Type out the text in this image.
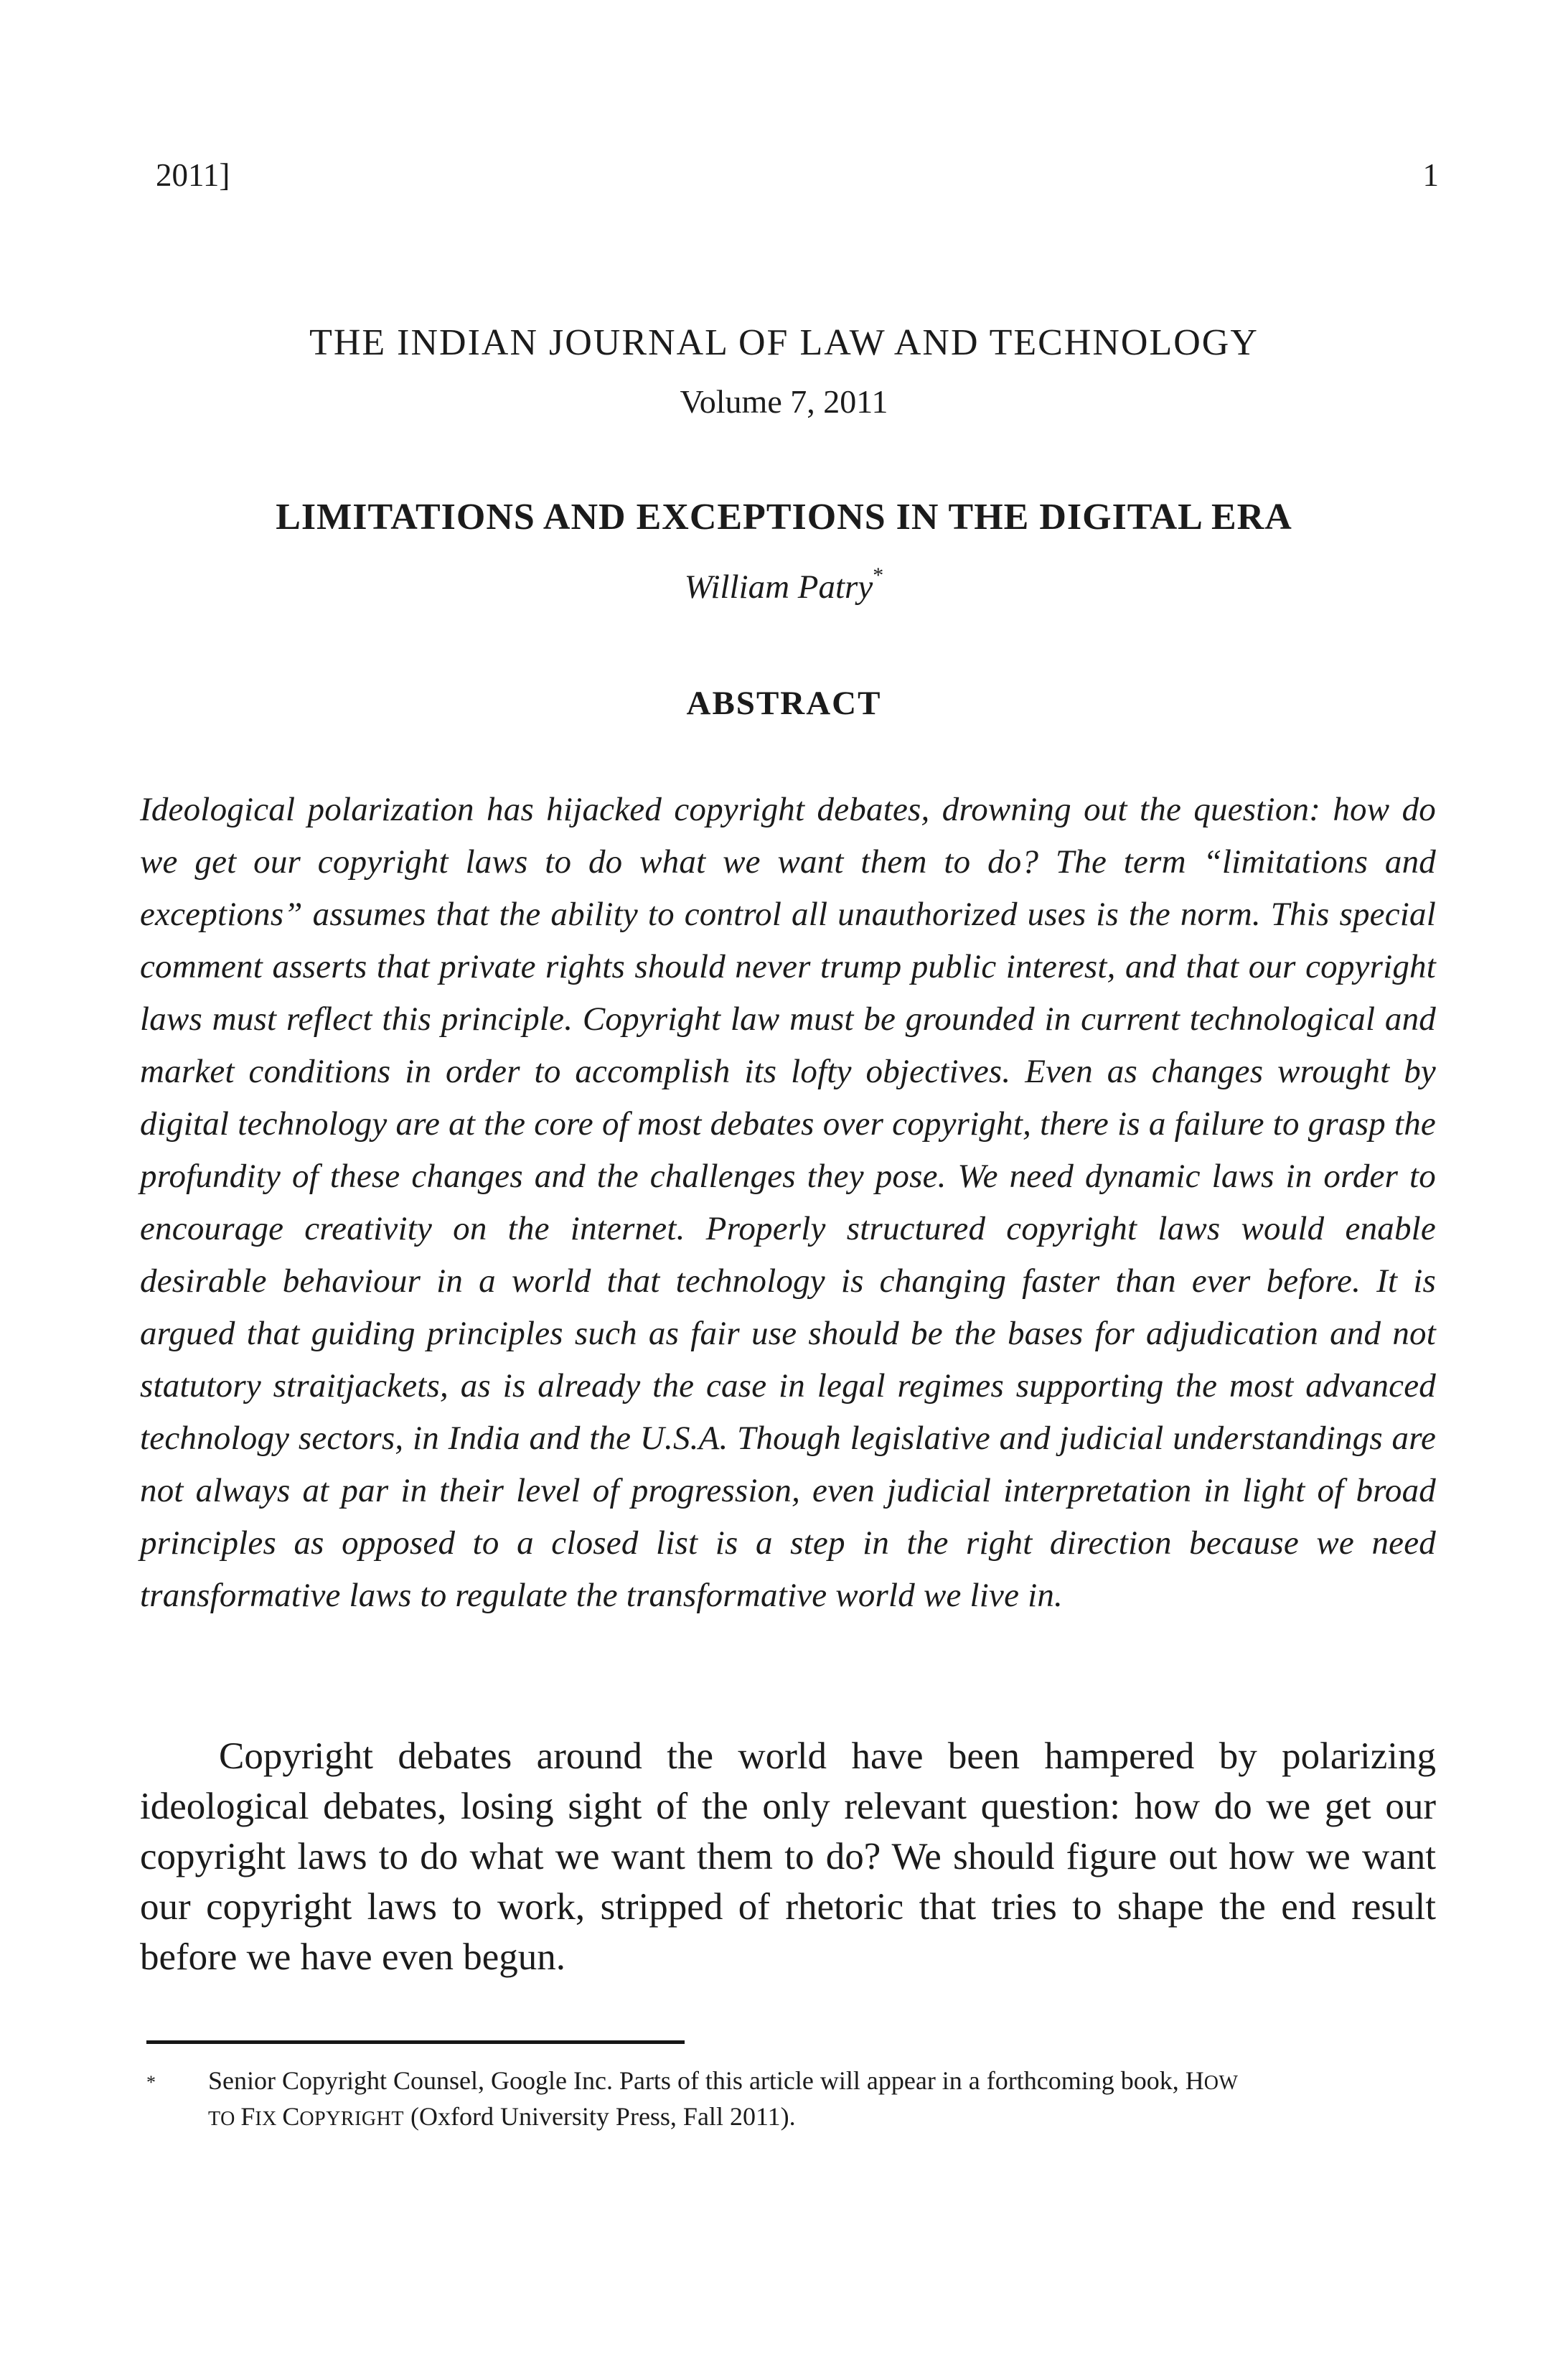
2011]	1
THE INDIAN JOURNAL OF LAW AND TECHNOLOGY
Volume 7, 2011
LIMITATIONS AND EXCEPTIONS IN THE DIGITAL ERA
William Patry*
ABSTRACT
Ideological polarization has hijacked copyright debates, drowning out the question: how do we get our copyright laws to do what we want them to do? The term “limitations and exceptions” assumes that the ability to control all unauthorized uses is the norm. This special comment asserts that private rights should never trump public interest, and that our copyright laws must reflect this principle. Copyright law must be grounded in current technological and market conditions in order to accomplish its lofty objectives. Even as changes wrought by digital technology are at the core of most debates over copyright, there is a failure to grasp the profundity of these changes and the challenges they pose. We need dynamic laws in order to encourage creativity on the internet. Properly structured copyright laws would enable desirable behaviour in a world that technology is changing faster than ever before. It is argued that guiding principles such as fair use should be the bases for adjudication and not statutory straitjackets, as is already the case in legal regimes supporting the most advanced technology sectors, in India and the U.S.A. Though legislative and judicial understandings are not always at par in their level of progression, even judicial interpretation in light of broad principles as opposed to a closed list is a step in the right direction because we need transformative laws to regulate the transformative world we live in.
Copyright debates around the world have been hampered by polarizing ideological debates, losing sight of the only relevant question: how do we get our copyright laws to do what we want them to do? We should figure out how we want our copyright laws to work, stripped of rhetoric that tries to shape the end result before we have even begun.
*	Senior Copyright Counsel, Google Inc. Parts of this article will appear in a forthcoming book, HOW
TO FIX COPYRIGHT (Oxford University Press, Fall 2011).
